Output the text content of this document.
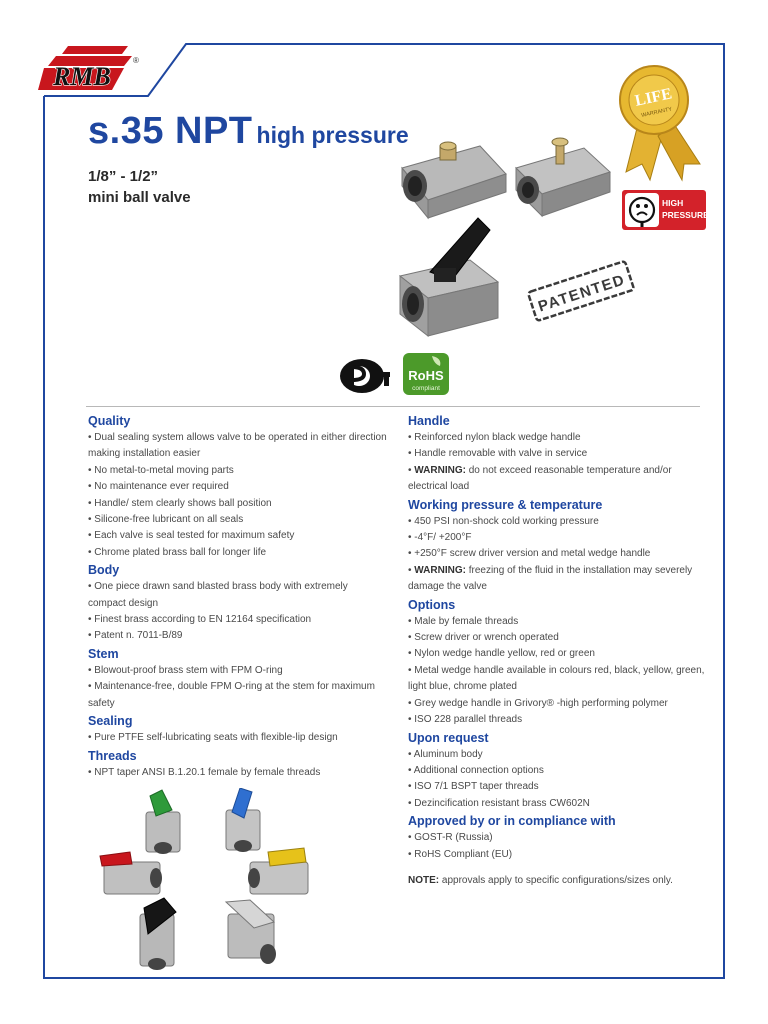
RMB
®
s.35 NPT high pressure
1/8” - 1/2”
mini ball valve
LIFE
WARRANTY
HIGH
PRESSURE
PATENTED
RoHS
compliant
Quality
• Dual sealing system allows valve to be operated in either direction making installation easier
• No metal-to-metal moving parts
• No maintenance ever required
• Handle/ stem clearly shows ball position
• Silicone-free lubricant on all seals
• Each valve is seal tested for maximum safety
• Chrome plated brass ball for longer life
Body
• One piece drawn sand blasted brass body with extremely compact design
• Finest brass according to EN 12164 specification
• Patent n. 7011-B/89
Stem
• Blowout-proof brass stem with FPM O-ring
• Maintenance-free, double FPM O-ring at the stem for maximum safety
Sealing
• Pure PTFE self-lubricating seats with flexible-lip design
Threads
• NPT taper ANSI B.1.20.1 female by female threads
Handle
• Reinforced nylon black wedge handle
• Handle removable with valve in service
• WARNING: do not exceed reasonable temperature and/or electrical load
Working pressure & temperature
• 450 PSI non-shock cold working pressure
• -4°F/ +200°F
• +250°F screw driver version and metal wedge handle
• WARNING: freezing of the fluid in the installation may severely damage the valve
Options
• Male by female threads
• Screw driver or wrench operated
• Nylon wedge handle yellow, red or green
• Metal wedge handle available in colours red, black, yellow, green, light blue, chrome plated
• Grey wedge handle in Grivory® -high performing polymer
• ISO 228 parallel threads
Upon request
• Aluminum body
• Additional connection options
• ISO 7/1 BSPT taper threads
• Dezincification resistant brass CW602N
Approved by or in compliance with
• GOST-R (Russia)
• RoHS Compliant (EU)
NOTE: approvals apply to specific configurations/sizes only.
